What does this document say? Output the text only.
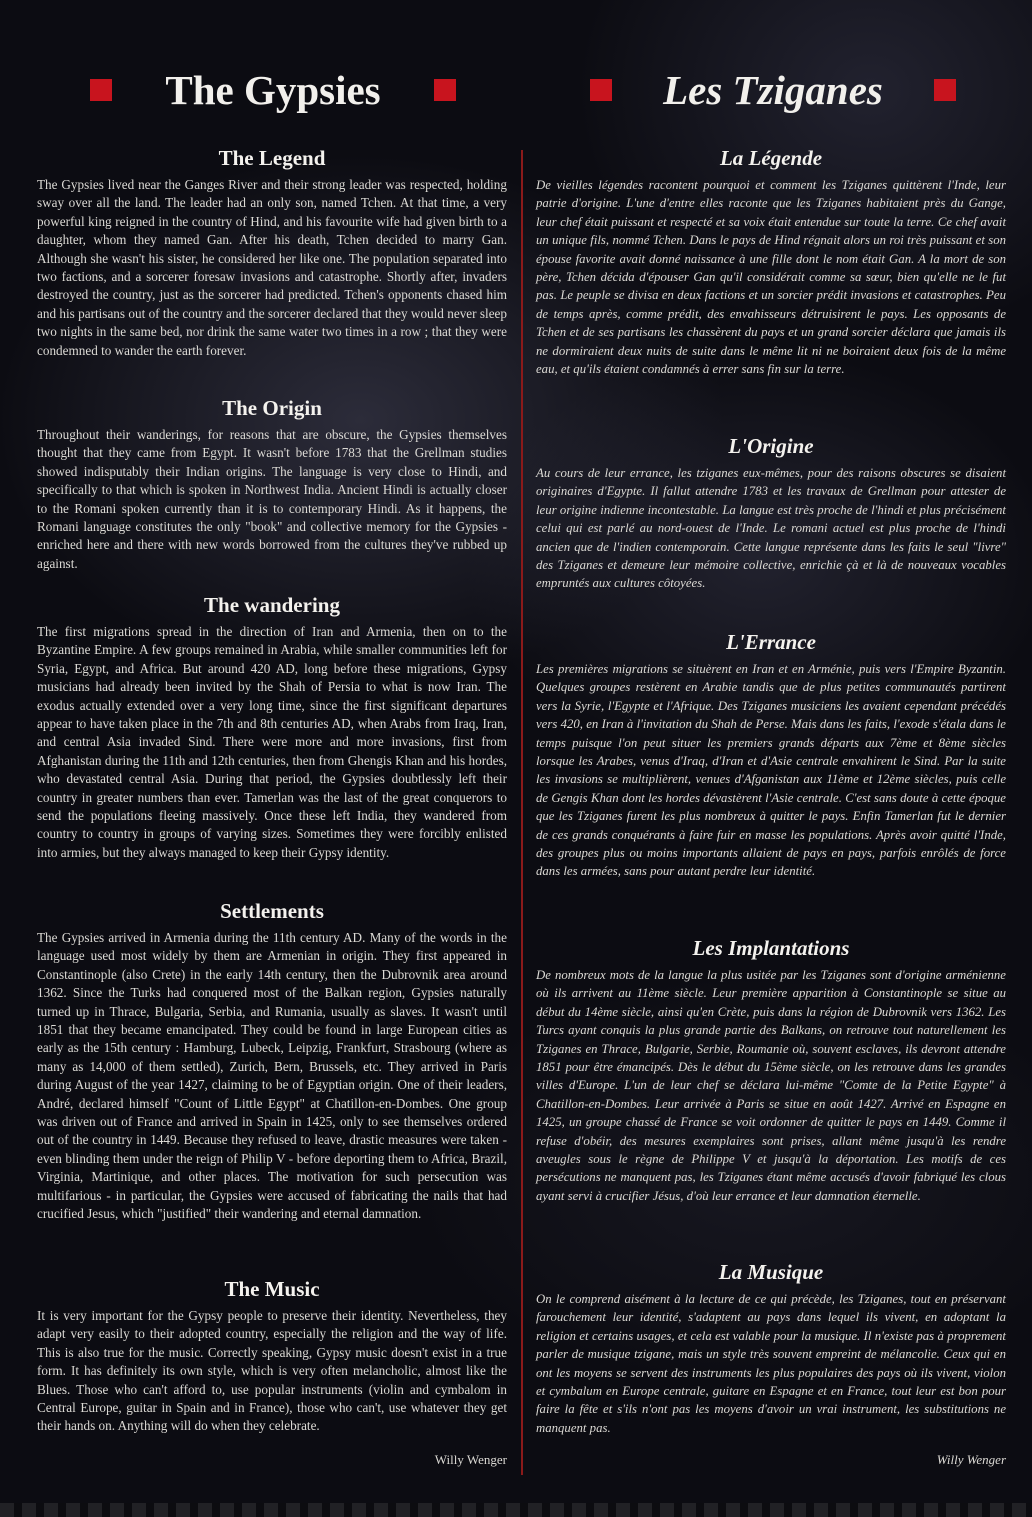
The Gypsies	Les Tziganes
The Legend

The Gypsies lived near the Ganges River and their strong leader was respected, holding sway over all the land. The leader had an only son, named Tchen. At that time, a very powerful king reigned in the country of Hind, and his favourite wife had given birth to a daughter, whom they named Gan. After his death, Tchen decided to marry Gan. Although she wasn't his sister, he considered her like one. The population separated into two factions, and a sorcerer foresaw invasions and catastrophe. Shortly after, invaders destroyed the country, just as the sorcerer had predicted. Tchen's opponents chased him and his partisans out of the country and the sorcerer declared that they would never sleep two nights in the same bed, nor drink the same water two times in a row ; that they were condemned to wander the earth forever.

The Origin

Throughout their wanderings, for reasons that are obscure, the Gypsies themselves thought that they came from Egypt. It wasn't before 1783 that the Grellman studies showed indisputably their Indian origins. The language is very close to Hindi, and specifically to that which is spoken in Northwest India. Ancient Hindi is actually closer to the Romani spoken currently than it is to contemporary Hindi. As it happens, the Romani language constitutes the only "book" and collective memory for the Gypsies - enriched here and there with new words borrowed from the cultures they've rubbed up against.

The wandering

The first migrations spread in the direction of Iran and Armenia, then on to the Byzantine Empire. A few groups remained in Arabia, while smaller communities left for Syria, Egypt, and Africa. But around 420 AD, long before these migrations, Gypsy musicians had already been invited by the Shah of Persia to what is now Iran. The exodus actually extended over a very long time, since the first significant departures appear to have taken place in the 7th and 8th centuries AD, when Arabs from Iraq, Iran, and central Asia invaded Sind. There were more and more invasions, first from Afghanistan during the 11th and 12th centuries, then from Ghengis Khan and his hordes, who devastated central Asia. During that period, the Gypsies doubtlessly left their country in greater numbers than ever. Tamerlan was the last of the great conquerors to send the populations fleeing massively. Once these left India, they wandered from country to country in groups of varying sizes. Sometimes they were forcibly enlisted into armies, but they always managed to keep their Gypsy identity.

Settlements

The Gypsies arrived in Armenia during the 11th century AD. Many of the words in the language used most widely by them are Armenian in origin. They first appeared in Constantinople (also Crete) in the early 14th century, then the Dubrovnik area around 1362. Since the Turks had conquered most of the Balkan region, Gypsies naturally turned up in Thrace, Bulgaria, Serbia, and Rumania, usually as slaves. It wasn't until 1851 that they became emancipated. They could be found in large European cities as early as the 15th century : Hamburg, Lubeck, Leipzig, Frankfurt, Strasbourg (where as many as 14,000 of them settled), Zurich, Bern, Brussels, etc. They arrived in Paris during August of the year 1427, claiming to be of Egyptian origin. One of their leaders, André, declared himself "Count of Little Egypt" at Chatillon-en-Dombes. One group was driven out of France and arrived in Spain in 1425, only to see themselves ordered out of the country in 1449. Because they refused to leave, drastic measures were taken - even blinding them under the reign of Philip V - before deporting them to Africa, Brazil, Virginia, Martinique, and other places. The motivation for such persecution was multifarious - in particular, the Gypsies were accused of fabricating the nails that had crucified Jesus, which "justified" their wandering and eternal damnation.

The Music

It is very important for the Gypsy people to preserve their identity. Nevertheless, they adapt very easily to their adopted country, especially the religion and the way of life. This is also true for the music. Correctly speaking, Gypsy music doesn't exist in a true form. It has definitely its own style, which is very often melancholic, almost like the Blues. Those who can't afford to, use popular instruments (violin and cymbalom in Central Europe, guitar in Spain and in France), those who can't, use whatever they get their hands on. Anything will do when they celebrate.

Willy Wenger
La Légende

De vieilles légendes racontent pourquoi et comment les Tziganes quittèrent l'Inde, leur patrie d'origine. L'une d'entre elles raconte que les Tziganes habitaient près du Gange, leur chef était puissant et respecté et sa voix était entendue sur toute la terre. Ce chef avait un unique fils, nommé Tchen. Dans le pays de Hind régnait alors un roi très puissant et son épouse favorite avait donné naissance à une fille dont le nom était Gan. A la mort de son père, Tchen décida d'épouser Gan qu'il considérait comme sa sœur, bien qu'elle ne le fut pas. Le peuple se divisa en deux factions et un sorcier prédit invasions et catastrophes. Peu de temps après, comme prédit, des envahisseurs détruisirent le pays. Les opposants de Tchen et de ses partisans les chassèrent du pays et un grand sorcier déclara que jamais ils ne dormiraient deux nuits de suite dans le même lit ni ne boiraient deux fois de la même eau, et qu'ils étaient condamnés à errer sans fin sur la terre.

L'Origine

Au cours de leur errance, les tziganes eux-mêmes, pour des raisons obscures se disaient originaires d'Egypte. Il fallut attendre 1783 et les travaux de Grellman pour attester de leur origine indienne incontestable. La langue est très proche de l'hindi et plus précisément celui qui est parlé au nord-ouest de l'Inde. Le romani actuel est plus proche de l'hindi ancien que de l'indien contemporain. Cette langue représente dans les faits le seul "livre" des Tziganes et demeure leur mémoire collective, enrichie çà et là de nouveaux vocables empruntés aux cultures côtoyées.

L'Errance

Les premières migrations se situèrent en Iran et en Arménie, puis vers l'Empire Byzantin. Quelques groupes restèrent en Arabie tandis que de plus petites communautés partirent vers la Syrie, l'Egypte et l'Afrique. Des Tziganes musiciens les avaient cependant précédés vers 420, en Iran à l'invitation du Shah de Perse. Mais dans les faits, l'exode s'étala dans le temps puisque l'on peut situer les premiers grands départs aux 7ème et 8ème siècles lorsque les Arabes, venus d'Iraq, d'Iran et d'Asie centrale envahirent le Sind. Par la suite les invasions se multiplièrent, venues d'Afganistan aux 11ème et 12ème siècles, puis celle de Gengis Khan dont les hordes dévastèrent l'Asie centrale. C'est sans doute à cette époque que les Tziganes furent les plus nombreux à quitter le pays. Enfin Tamerlan fut le dernier de ces grands conquérants à faire fuir en masse les populations. Après avoir quitté l'Inde, des groupes plus ou moins importants allaient de pays en pays, parfois enrôlés de force dans les armées, sans pour autant perdre leur identité.

Les Implantations

De nombreux mots de la langue la plus usitée par les Tziganes sont d'origine arménienne où ils arrivent au 11ème siècle. Leur première apparition à Constantinople se situe au début du 14ème siècle, ainsi qu'en Crète, puis dans la région de Dubrovnik vers 1362. Les Turcs ayant conquis la plus grande partie des Balkans, on retrouve tout naturellement les Tziganes en Thrace, Bulgarie, Serbie, Roumanie où, souvent esclaves, ils devront attendre 1851 pour être émancipés. Dès le début du 15ème siècle, on les retrouve dans les grandes villes d'Europe. L'un de leur chef se déclara lui-même "Comte de la Petite Egypte" à Chatillon-en-Dombes. Leur arrivée à Paris se situe en août 1427. Arrivé en Espagne en 1425, un groupe chassé de France se voit ordonner de quitter le pays en 1449. Comme il refuse d'obéir, des mesures exemplaires sont prises, allant même jusqu'à les rendre aveugles sous le règne de Philippe V et jusqu'à la déportation. Les motifs de ces persécutions ne manquent pas, les Tziganes étant même accusés d'avoir fabriqué les clous ayant servi à crucifier Jésus, d'où leur errance et leur damnation éternelle.

La Musique

On le comprend aisément à la lecture de ce qui précède, les Tziganes, tout en préservant farouchement leur identité, s'adaptent au pays dans lequel ils vivent, en adoptant la religion et certains usages, et cela est valable pour la musique. Il n'existe pas à proprement parler de musique tzigane, mais un style très souvent empreint de mélancolie. Ceux qui en ont les moyens se servent des instruments les plus populaires des pays où ils vivent, violon et cymbalum en Europe centrale, guitare en Espagne et en France, tout leur est bon pour faire la fête et s'ils n'ont pas les moyens d'avoir un vrai instrument, les substitutions ne manquent pas.

Willy Wenger
